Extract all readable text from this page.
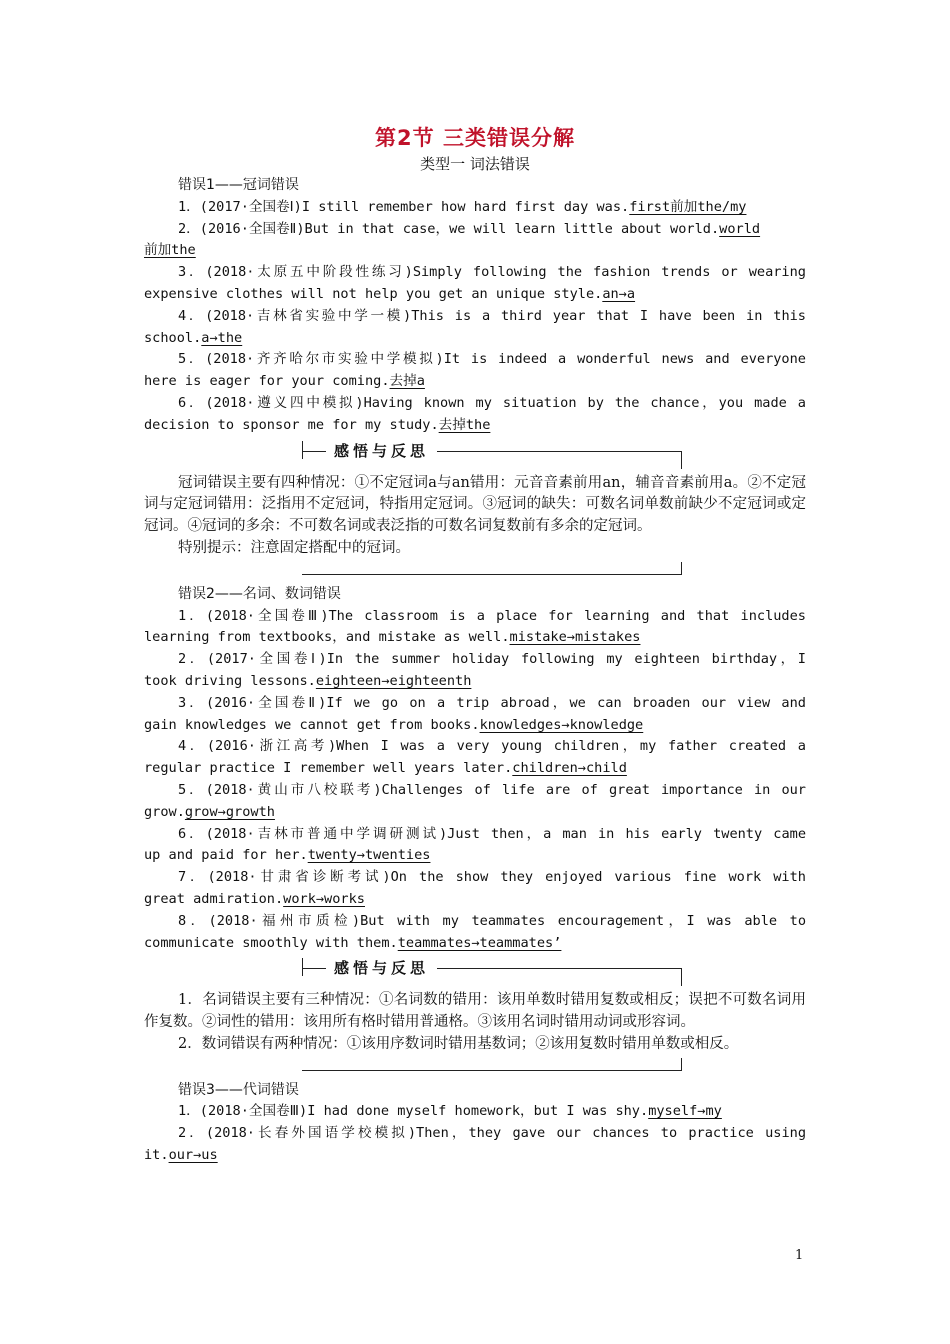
第2节 三类错误分解
类型一 词法错误
错误1——冠词错误
1．(2017·全国卷Ⅰ)I still remember how hard first day was.first前加the/my
2．(2016·全国卷Ⅱ)But in that case，we will learn little about world.world
前加the
3．(2018·太原五中阶段性练习)Simply following the fashion trends or wearing
expensive clothes will not help you get an unique style.an→a
4．(2018·吉林省实验中学一模)This is a third year that I have been in this
school.a→the
5．(2018·齐齐哈尔市实验中学模拟)It is indeed a wonderful news and everyone
here is eager for your coming.去掉a
6．(2018·遵义四中模拟)Having known my situation by the chance，you made a
decision to sponsor me for my study.去掉the
感悟与反思
冠词错误主要有四种情况：①不定冠词a与an错用：元音音素前用an，辅音音素前用a。②不定冠词与定冠词错用：泛指用不定冠词，特指用定冠词。③冠词的缺失：可数名词单数前缺少不定冠词或定冠词。④冠词的多余：不可数名词或表泛指的可数名词复数前有多余的定冠词。
特别提示：注意固定搭配中的冠词。
错误2——名词、数词错误
1．(2018·全国卷Ⅲ)The classroom is a place for learning and that includes
learning from textbooks，and mistake as well.mistake→mistakes
2．(2017·全国卷Ⅰ)In the summer holiday following my eighteen birthday，I
took driving lessons.eighteen→eighteenth
3．(2016·全国卷Ⅱ)If we go on a trip abroad，we can broaden our view and
gain knowledges we cannot get from books.knowledges→knowledge
4．(2016·浙江高考)When I was a very young children，my father created a
regular practice I remember well years later.children→child
5．(2018·黄山市八校联考)Challenges of life are of great importance in our
grow.grow→growth
6．(2018·吉林市普通中学调研测试)Just then，a man in his early twenty came
up and paid for her.twenty→twenties
7．(2018·甘肃省诊断考试)On the show they enjoyed various fine work with
great admiration.work→works
8．(2018·福州市质检)But with my teammates encouragement，I was able to
communicate smoothly with them.teammates→teammates’
感悟与反思
1．名词错误主要有三种情况：①名词数的错用：该用单数时错用复数或相反；误把不可数名词用作复数。②词性的错用：该用所有格时错用普通格。③该用名词时错用动词或形容词。
2．数词错误有两种情况：①该用序数词时错用基数词；②该用复数时错用单数或相反。
错误3——代词错误
1．(2018·全国卷Ⅲ)I had done myself homework，but I was shy.myself→my
2．(2018·长春外国语学校模拟)Then，they gave our chances to practice using
it.our→us
1
